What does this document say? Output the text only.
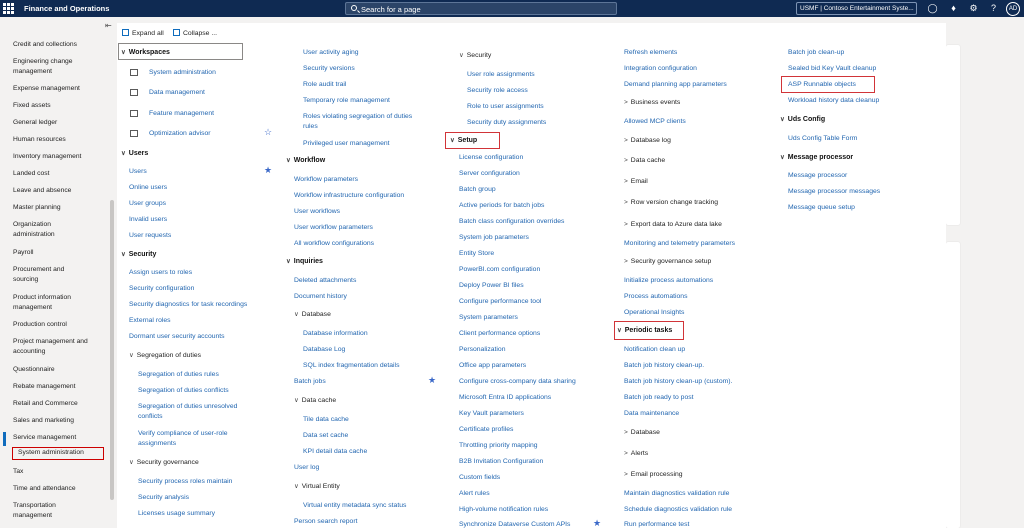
Finance and Operations	Search for a page	USMF | Contoso Entertainment Syste...	◯	♦	⚙	?	AD
⇤
Credit and collections
Engineering change
management
Expense management
Fixed assets
General ledger
Human resources
Inventory management
Landed cost
Leave and absence
Master planning
Organization
administration
Payroll
Procurement and
sourcing
Product information
management
Production control
Project management and
accounting
Questionnaire
Rebate management
Retail and Commerce
Sales and marketing
Service management
System administration
Tax
Time and attendance
Transportation
management
Expand all	Collapse ...
∨ Workspaces
System administration
Data management
Feature management
Optimization advisor	☆
∨ Users
Users	★
Online users
User groups
Invalid users
User requests
∨ Security
Assign users to roles
Security configuration
Security diagnostics for task recordings
External roles
Dormant user security accounts
∨ Segregation of duties
Segregation of duties rules
Segregation of duties conflicts
Segregation of duties unresolved
conflicts
Verify compliance of user-role
assignments
∨ Security governance
Security process roles maintain
Security analysis
Licenses usage summary
User activity aging
Security versions
Role audit trail
Temporary role management
Roles violating segregation of duties
rules
Privileged user management
∨ Workflow
Workflow parameters
Workflow infrastructure configuration
User workflows
User workflow parameters
All workflow configurations
∨ Inquiries
Deleted attachments
Document history
∨ Database
Database information
Database Log
SQL index fragmentation details
Batch jobs	★
∨ Data cache
Tile data cache
Data set cache
KPI detail data cache
User log
∨ Virtual Entity
Virtual entity metadata sync status
Person search report
∨ Security
User role assignments
Security role access
Role to user assignments
Security duty assignments
∨ Setup
License configuration
Server configuration
Batch group
Active periods for batch jobs
Batch class configuration overrides
System job parameters
Entity Store
PowerBI.com configuration
Deploy Power BI files
Configure performance tool
System parameters
Client performance options
Personalization
Office app parameters
Configure cross-company data sharing
Microsoft Entra ID applications
Key Vault parameters
Certificate profiles
Throttling priority mapping
B2B Invitation Configuration
Custom fields
Alert rules
High-volume notification rules
Synchronize Dataverse Custom APIs	★
Refresh elements
Integration configuration
Demand planning app parameters
> Business events
Allowed MCP clients
> Database log
> Data cache
> Email
> Row version change tracking
> Export data to Azure data lake
Monitoring and telemetry parameters
> Security governance setup
Initialize process automations
Process automations
Operational Insights
∨ Periodic tasks
Notification clean up
Batch job history clean-up.
Batch job history clean-up (custom).
Batch job ready to post
Data maintenance
> Database
> Alerts
> Email processing
Maintain diagnostics validation rule
Schedule diagnostics validation rule
Run performance test
Batch job clean-up
Sealed bid Key Vault cleanup
ASP Runnable objects
Workload history data cleanup
∨ Uds Config
Uds Config Table Form
∨ Message processor
Message processor
Message processor messages
Message queue setup
